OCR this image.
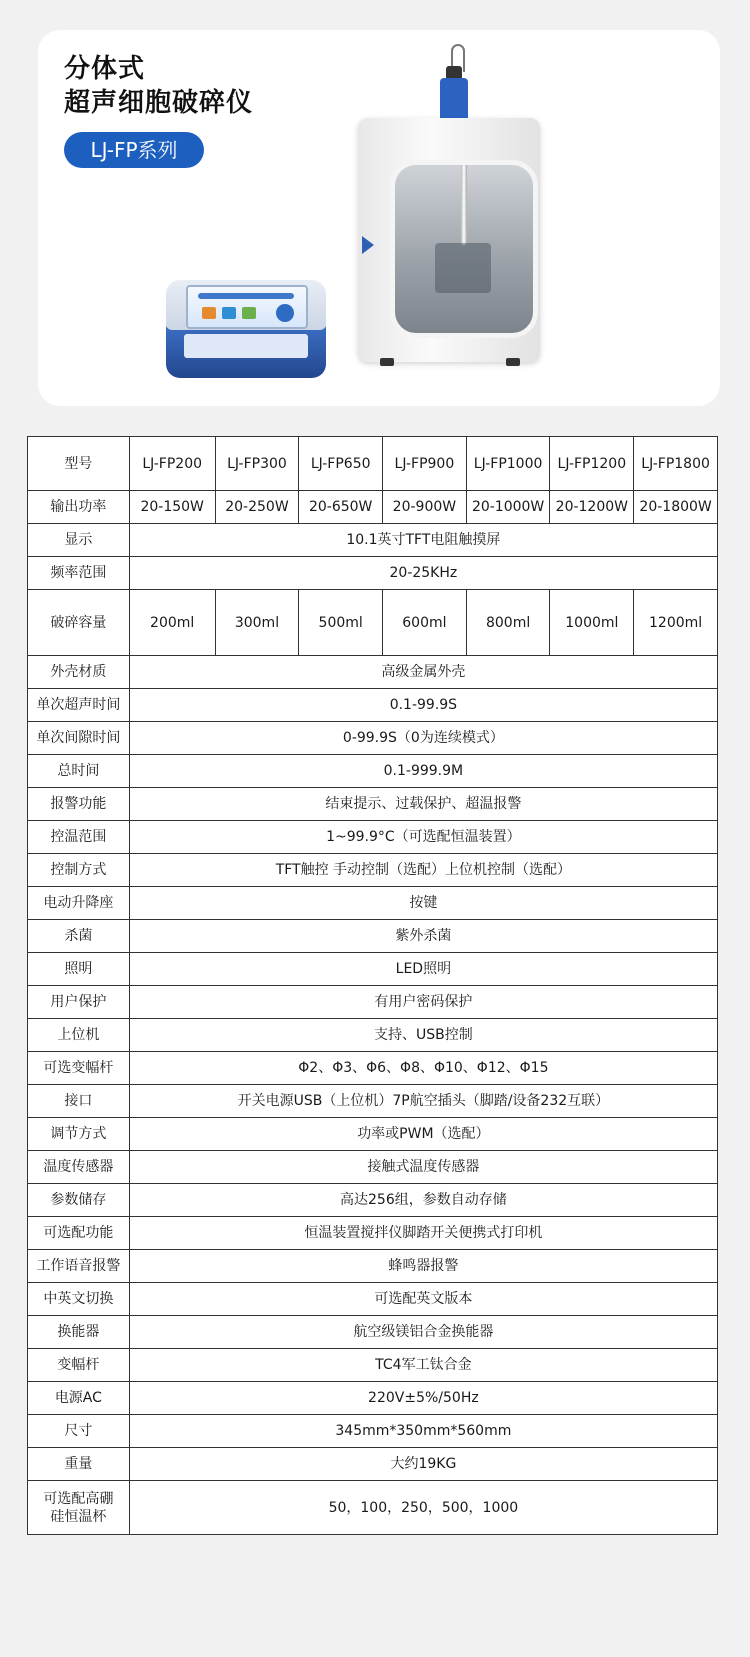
分体式
超声细胞破碎仪
LJ-FP系列
型号	LJ-FP200	LJ-FP300	LJ-FP650	LJ-FP900	LJ-FP1000	LJ-FP1200	LJ-FP1800
输出功率	20-150W	20-250W	20-650W	20-900W	20-1000W	20-1200W	20-1800W
显示	10.1英寸TFT电阻触摸屏						
频率范围	20-25KHz						
破碎容量	200ml	300ml	500ml	600ml	800ml	1000ml	1200ml
外壳材质	高级金属外壳						
单次超声时间	0.1-99.9S						
单次间隙时间	0-99.9S（0为连续模式）						
总时间	0.1-999.9M						
报警功能	结束提示、过载保护、超温报警						
控温范围	1~99.9°C（可选配恒温装置）						
控制方式	TFT触控 手动控制（选配）上位机控制（选配）						
电动升降座	按键						
杀菌	紫外杀菌						
照明	LED照明						
用户保护	有用户密码保护						
上位机	支持、USB控制						
可选变幅杆	Φ2、Φ3、Φ6、Φ8、Φ10、Φ12、Φ15						
接口	开关电源USB（上位机）7P航空插头（脚踏/设备232互联）						
调节方式	功率或PWM（选配）						
温度传感器	接触式温度传感器						
参数储存	高达256组，参数自动存储						
可选配功能	恒温装置搅拌仪脚踏开关便携式打印机						
工作语音报警	蜂鸣器报警						
中英文切换	可选配英文版本						
换能器	航空级镁铝合金换能器						
变幅杆	TC4军工钛合金						
电源AC	220V±5%/50Hz						
尺寸	345mm*350mm*560mm						
重量	大约19KG						

可选配高硼
硅恒温杯	50，100，250，500，1000						
